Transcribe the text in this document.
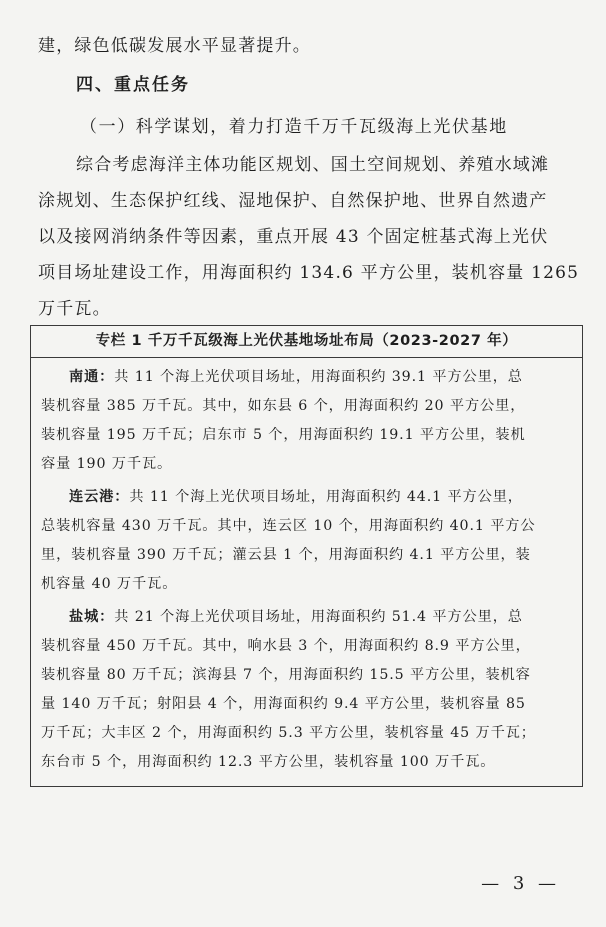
建，绿色低碳发展水平显著提升。
四、重点任务
（一）科学谋划，着力打造千万千瓦级海上光伏基地
综合考虑海洋主体功能区规划、国土空间规划、养殖水域滩
涂规划、生态保护红线、湿地保护、自然保护地、世界自然遗产
以及接网消纳条件等因素，重点开展 43 个固定桩基式海上光伏
项目场址建设工作，用海面积约 134.6 平方公里，装机容量 1265
万千瓦。
专栏 1 千万千瓦级海上光伏基地场址布局（2023-2027 年）
南通：共 11 个海上光伏项目场址，用海面积约 39.1 平方公里，总
装机容量 385 万千瓦。其中，如东县 6 个，用海面积约 20 平方公里，
装机容量 195 万千瓦；启东市 5 个，用海面积约 19.1 平方公里，装机
容量 190 万千瓦。
连云港：共 11 个海上光伏项目场址，用海面积约 44.1 平方公里，
总装机容量 430 万千瓦。其中，连云区 10 个，用海面积约 40.1 平方公
里，装机容量 390 万千瓦；灌云县 1 个，用海面积约 4.1 平方公里，装
机容量 40 万千瓦。
盐城：共 21 个海上光伏项目场址，用海面积约 51.4 平方公里，总
装机容量 450 万千瓦。其中，响水县 3 个，用海面积约 8.9 平方公里，
装机容量 80 万千瓦；滨海县 7 个，用海面积约 15.5 平方公里，装机容
量 140 万千瓦；射阳县 4 个，用海面积约 9.4 平方公里，装机容量 85
万千瓦；大丰区 2 个，用海面积约 5.3 平方公里，装机容量 45 万千瓦；
东台市 5 个，用海面积约 12.3 平方公里，装机容量 100 万千瓦。
— 3 —
